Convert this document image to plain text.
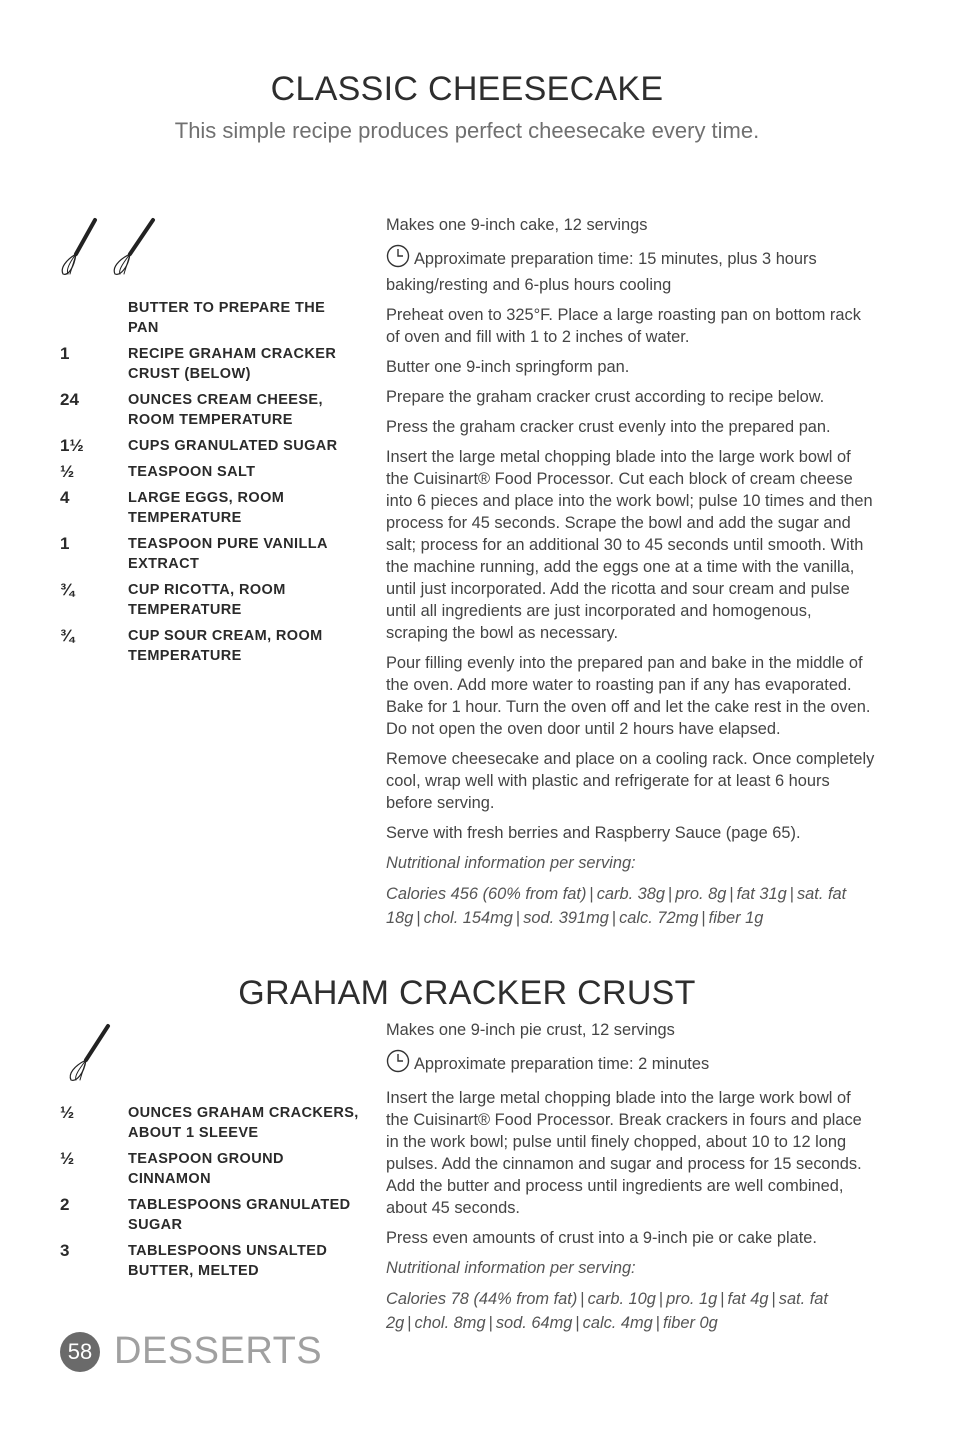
CLASSIC CHEESECAKE
This simple recipe produces perfect cheesecake every time.
BUTTER TO PREPARE THE PAN
1	RECIPE GRAHAM CRACKER CRUST (BELOW)
24	OUNCES CREAM CHEESE, ROOM TEMPERATURE
1½	CUPS GRANULATED SUGAR
½	TEASPOON SALT
4	LARGE EGGS, ROOM TEMPERATURE
1	TEASPOON PURE VANILLA EXTRACT
¾	CUP RICOTTA, ROOM TEMPERATURE
¾	CUP SOUR CREAM, ROOM TEMPERATURE

Makes one 9-inch cake, 12 servings

Approximate preparation time: 15 minutes, plus 3 hours baking/resting and 6-plus hours cooling

Preheat oven to 325°F. Place a large roasting pan on bottom rack of oven and fill with 1 to 2 inches of water.

Butter one 9-inch springform pan.

Prepare the graham cracker crust according to recipe below.

Press the graham cracker crust evenly into the prepared pan.

Insert the large metal chopping blade into the large work bowl of the Cuisinart® Food Processor. Cut each block of cream cheese into 6 pieces and place into the work bowl; pulse 10 times and then process for 45 seconds. Scrape the bowl and add the sugar and salt; process for an additional 30 to 45 seconds until smooth. With the machine running, add the eggs one at a time with the vanilla, until just incorporated. Add the ricotta and sour cream and pulse until all ingredients are just incorporated and homogenous, scraping the bowl as necessary.

Pour filling evenly into the prepared pan and bake in the middle of the oven. Add more water to roasting pan if any has evaporated. Bake for 1 hour. Turn the oven off and let the cake rest in the oven. Do not open the oven door until 2 hours have elapsed.

Remove cheesecake and place on a cooling rack. Once completely cool, wrap well with plastic and refrigerate for at least 6 hours before serving.

Serve with fresh berries and Raspberry Sauce (page 65).

Nutritional information per serving:

Calories 456 (60% from fat) | carb. 38g | pro. 8g | fat 31g | sat. fat 18g | chol. 154mg | sod. 391mg | calc. 72mg | fiber 1g
GRAHAM CRACKER CRUST
½	OUNCES GRAHAM CRACKERS, ABOUT 1 SLEEVE
½	TEASPOON GROUND CINNAMON
2	TABLESPOONS GRANULATED SUGAR
3	TABLESPOONS UNSALTED BUTTER, MELTED

Makes one 9-inch pie crust, 12 servings

Approximate preparation time: 2 minutes

Insert the large metal chopping blade into the large work bowl of the Cuisinart® Food Processor. Break crackers in fours and place in the work bowl; pulse until finely chopped, about 10 to 12 long pulses. Add the cinnamon and sugar and process for 15 seconds. Add the butter and process until ingredients are well combined, about 45 seconds.

Press even amounts of crust into a 9-inch pie or cake plate.

Nutritional information per serving:

Calories 78 (44% from fat) | carb. 10g | pro. 1g | fat 4g | sat. fat 2g | chol. 8mg | sod. 64mg | calc. 4mg | fiber 0g
58 DESSERTS
